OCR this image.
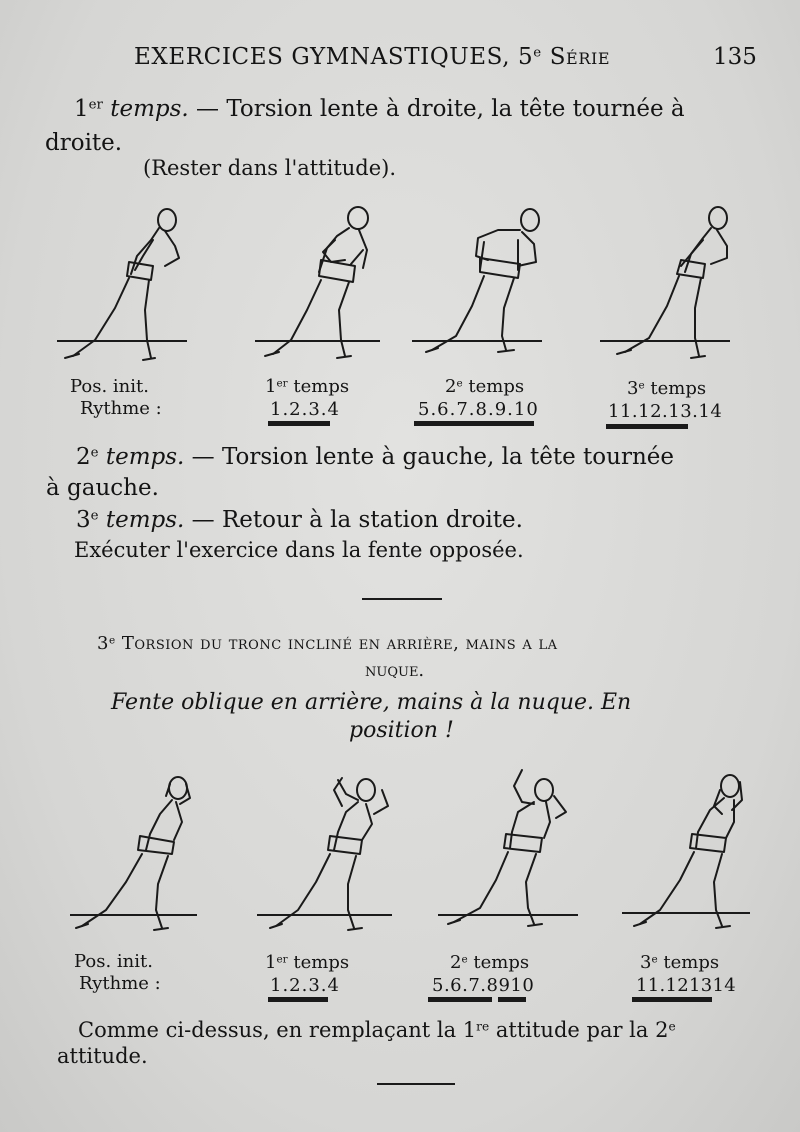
EXERCICES GYMNASTIQUES, 5e Série	135
1er temps. — Torsion lente à droite, la tête tournée à
droite.
(Rester dans l'attitude).
Pos. init.
Rythme :
1er temps
1.2.3.4
2e temps
5.6.7.8.9.10
3e temps
11.12.13.14
2e temps. — Torsion lente à gauche, la tête tournée
à gauche.
3e temps. — Retour à la station droite.
Exécuter l'exercice dans la fente opposée.
3e Torsion du tronc incliné en arrière, mains a la
nuque.
Fente oblique en arrière, mains à la nuque. En
position !
Pos. init.
Rythme :
1er temps
1.2.3.4
2e temps
5.6.7.8910
3e temps
11.121314
Comme ci-dessus, en remplaçant la 1re attitude par la 2e
attitude.
